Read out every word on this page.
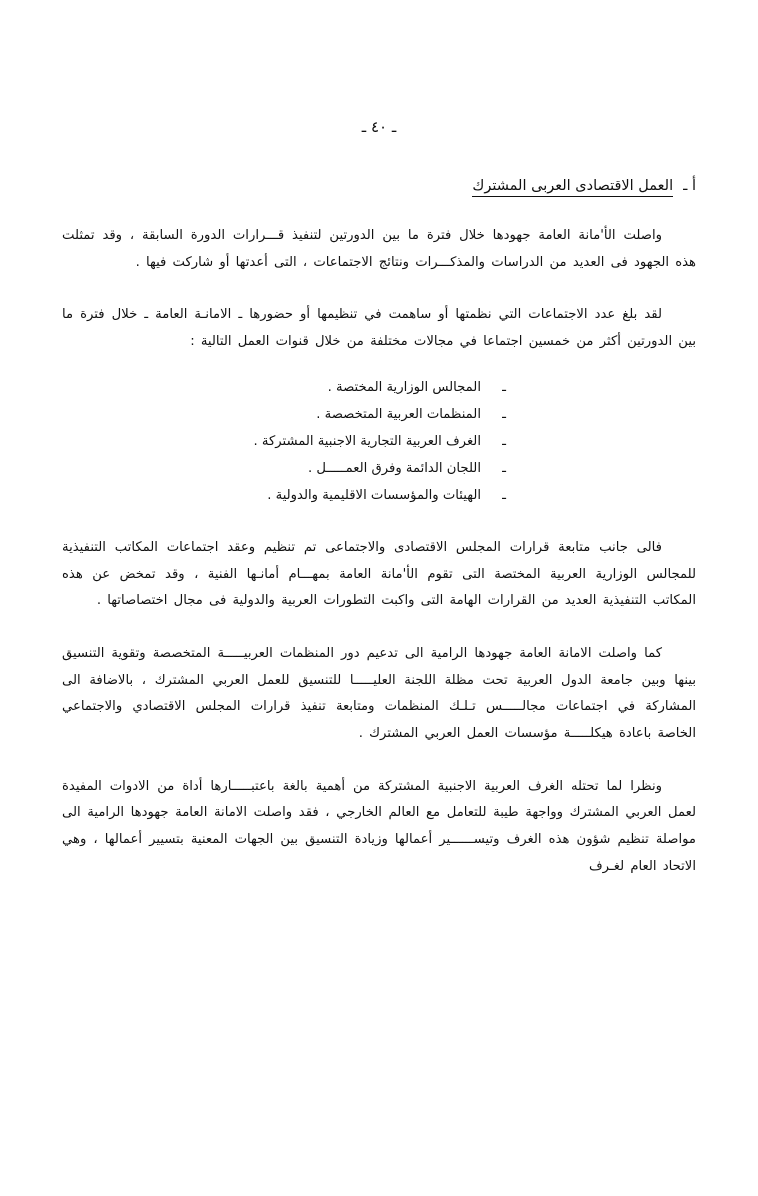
ـ ٤٠ ـ
أ ـالعمل الاقتصادى العربى المشترك

واصلت الأ'مانة العامة جهودها خلال فترة ما بين الدورتين لتنفيذ قـــرارات الدورة السابقة ، وقد تمثلت هذه الجهود فى العديد من الدراسات والمذكـــرات ونتائج الاجتماعات ، التى أعدتها أو شاركت فيها .

لقد بلغ عدد الاجتماعات التي نظمتها أو ساهمت في تنظيمها أو حضورها ـ الامانـة العامة ـ خلال فترة ما بين الدورتين أكثر من خمسين اجتماعا في مجالات مختلفة من خلال قنوات العمل التالية :

ـالمجالس الوزارية المختصة .
ـالمنظمات العربية المتخصصة .
ـالغرف العربية التجارية الاجنبية المشتركة .
ـاللجان الدائمة وفرق العمـــــل .
ـالهيئات والمؤسسات الاقليمية والدولية .

فالى جانب متابعة قرارات المجلس الاقتصادى والاجتماعى تم تنظيم وعقد اجتماعات المكاتب التنفيذية للمجالس الوزارية العربية المختصة التى تقوم الأ'مانة العامة بمهـــام أمانـها الفنية ، وقد تمخض عن هذه المكاتب التنفيذية العديد من القرارات الهامة التى واكبت التطورات العربية والدولية فى مجال اختصاصاتها .

كما واصلت الامانة العامة جهودها الرامية الى تدعيم دور المنظمات العربيـــــة المتخصصة وتقوية التنسيق بينها وبين جامعة الدول العربية تحت مظلة اللجنة العليـــــا للتنسيق للعمل العربي المشترك ، بالاضافة الى المشاركة في اجتماعات مجالـــــس تـلـك المنظمات ومتابعة تنفيذ قرارات المجلس الاقتصادي والاجتماعي الخاصة باعادة هيكلـــــة مؤسسات العمل العربي المشترك .

ونظرا لما تحتله الغرف العربية الاجنبية المشتركة من أهمية بالغة باعتبـــــارها أداة من الادوات المفيدة لعمل العربي المشترك وواجهة طيبة للتعامل مع العالم الخارجي ، فقد واصلت الامانة العامة جهودها الرامية الى مواصلة تنظيم شؤون هذه الغرف وتيســــــير أعمالها وزيادة التنسيق بين الجهات المعنية بتسيير أعمالها ، وهي الاتحاد العام لغـرف
